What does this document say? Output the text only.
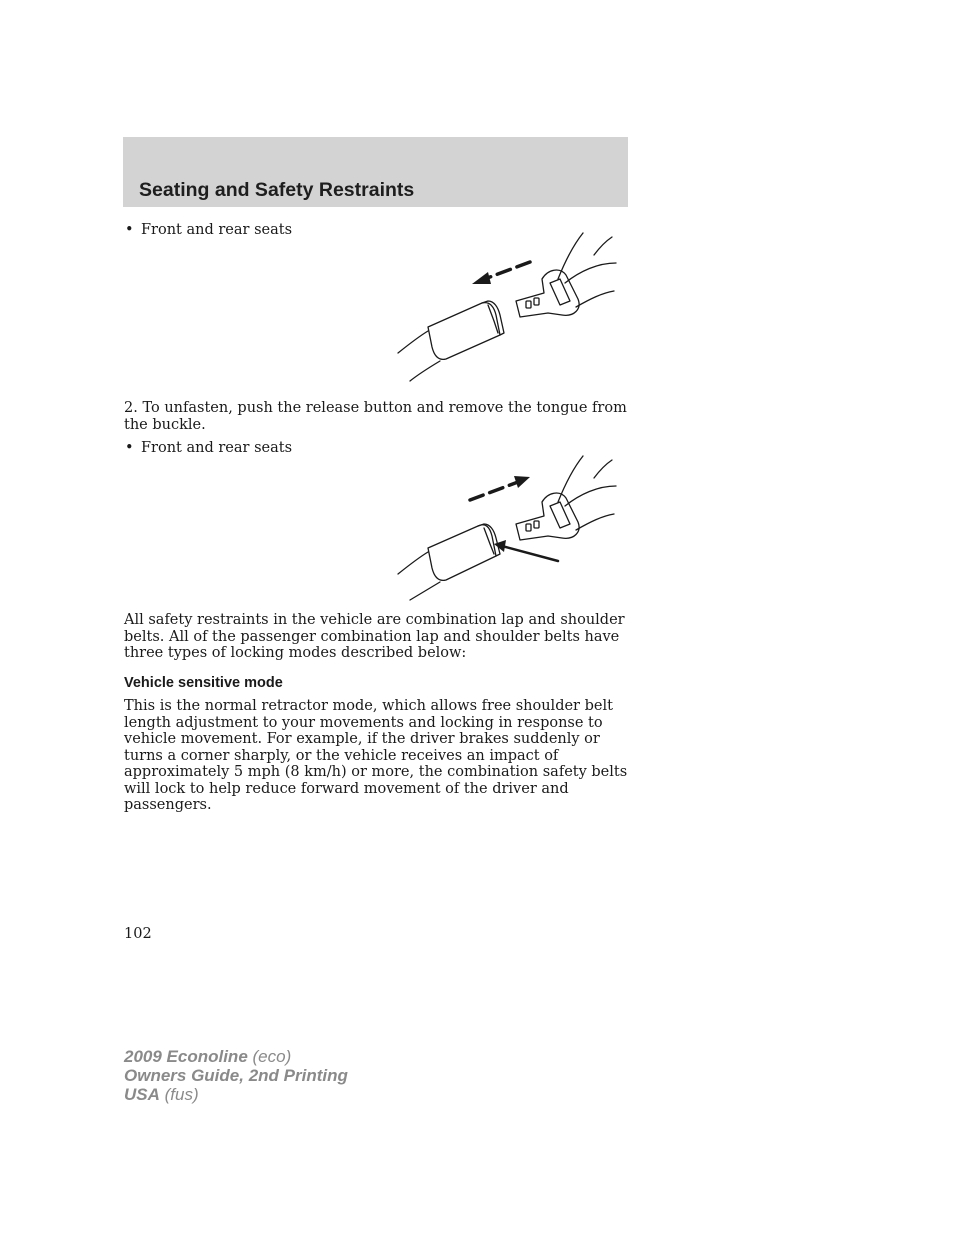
Seating and Safety Restraints
• Front and rear seats

2. To unfasten, push the release button and remove the tongue from the buckle.

• Front and rear seats

All safety restraints in the vehicle are combination lap and shoulder belts. All of the passenger combination lap and shoulder belts have three types of locking modes described below:

Vehicle sensitive mode

This is the normal retractor mode, which allows free shoulder belt length adjustment to your movements and locking in response to vehicle movement. For example, if the driver brakes suddenly or turns a corner sharply, or the vehicle receives an impact of approximately 5 mph (8 km/h) or more, the combination safety belts will lock to help reduce forward movement of the driver and passengers.

102
2009 Econoline (eco)
Owners Guide, 2nd Printing
USA (fus)
